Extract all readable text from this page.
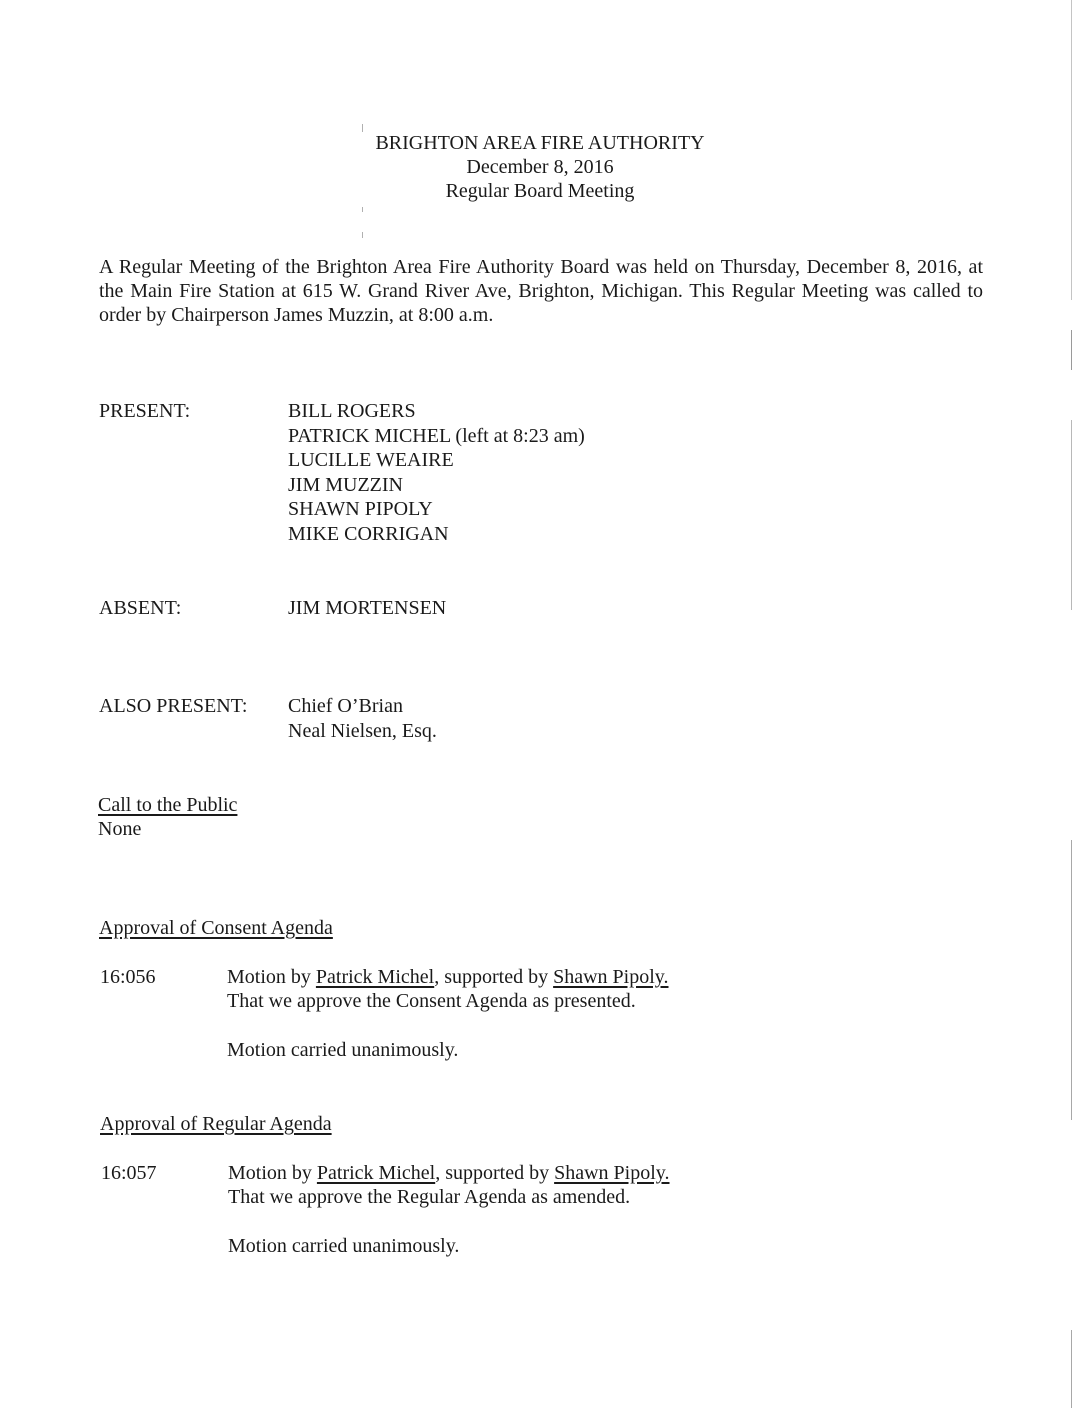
BRIGHTON AREA FIRE AUTHORITY
December 8, 2016
Regular Board Meeting
A Regular Meeting of the Brighton Area Fire Authority Board was held on Thursday, December 8, 2016, at the Main Fire Station at 615 W. Grand River Ave, Brighton, Michigan. This Regular Meeting was called to order by Chairperson James Muzzin, at 8:00 a.m.
PRESENT:	BILL ROGERS
PATRICK MICHEL (left at 8:23 am)
LUCILLE WEAIRE
JIM MUZZIN
SHAWN PIPOLY
MIKE CORRIGAN
ABSENT:	JIM MORTENSEN
ALSO PRESENT: Chief O’Brian
Neal Nielsen, Esq.
Call to the Public
None
Approval of Consent Agenda
16:056	Motion by Patrick Michel, supported by Shawn Pipoly.
That we approve the Consent Agenda as presented.
Motion carried unanimously.
Approval of Regular Agenda
16:057	Motion by Patrick Michel, supported by Shawn Pipoly.
That we approve the Regular Agenda as amended.
Motion carried unanimously.
